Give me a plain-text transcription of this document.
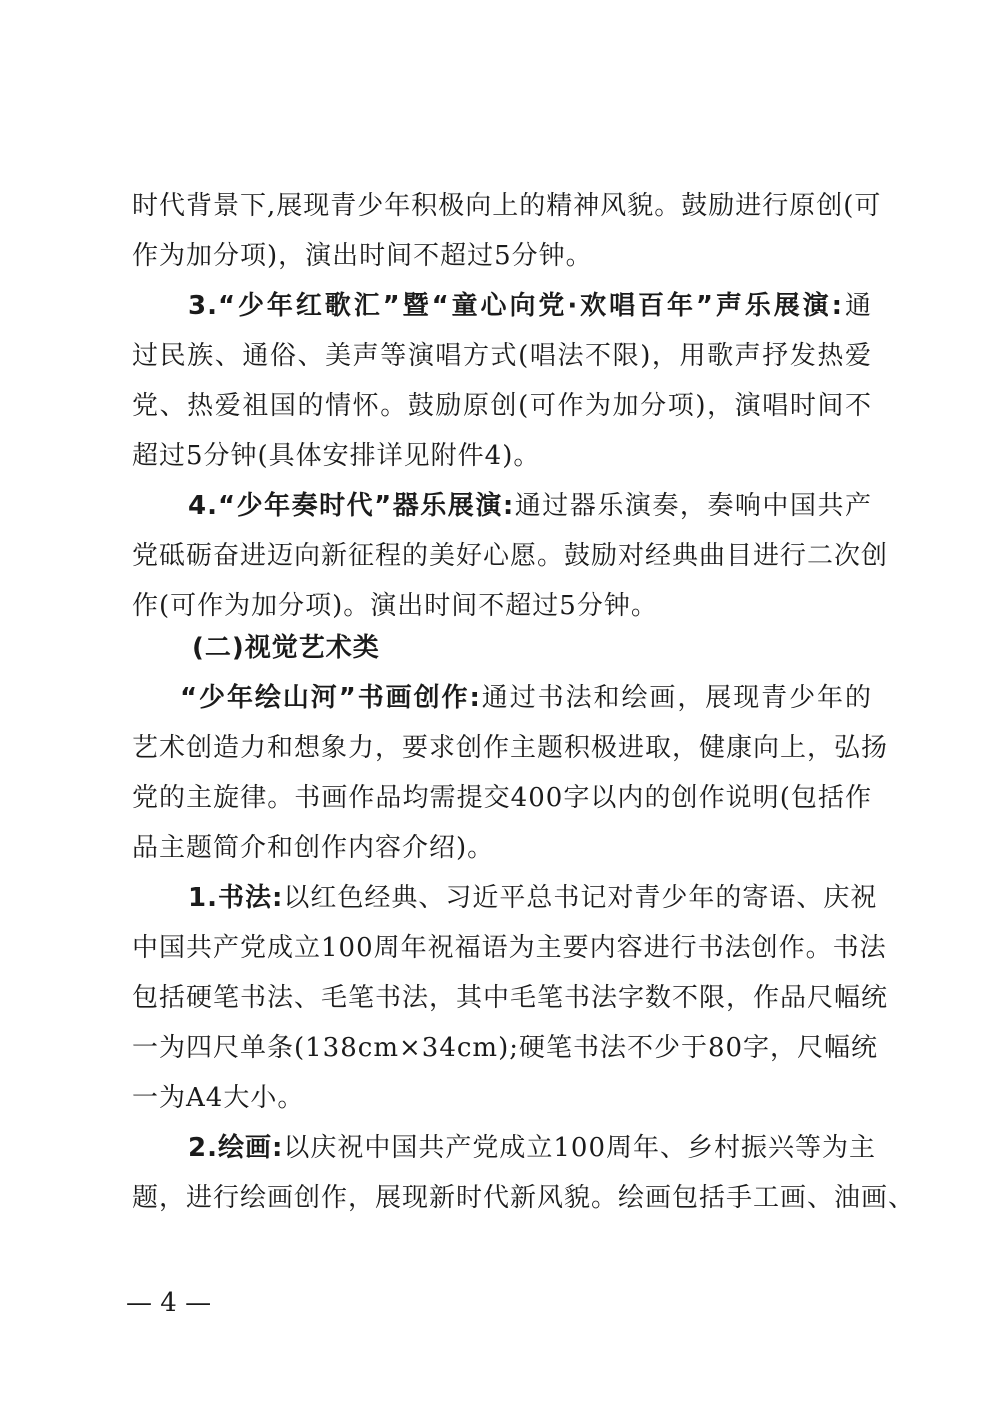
时代背景下,展现青少年积极向上的精神风貌。鼓励进行原创(可
作为加分项)，演出时间不超过5分钟。
3.“少年红歌汇”暨“童心向党·欢唱百年”声乐展演:通
过民族、通俗、美声等演唱方式(唱法不限)，用歌声抒发热爱
党、热爱祖国的情怀。鼓励原创(可作为加分项)，演唱时间不
超过5分钟(具体安排详见附件4)。
4.“少年奏时代”器乐展演:通过器乐演奏，奏响中国共产
党砥砺奋进迈向新征程的美好心愿。鼓励对经典曲目进行二次创
作(可作为加分项)。演出时间不超过5分钟。
(二)视觉艺术类
“少年绘山河”书画创作:通过书法和绘画，展现青少年的
艺术创造力和想象力，要求创作主题积极进取，健康向上，弘扬
党的主旋律。书画作品均需提交400字以内的创作说明(包括作
品主题简介和创作内容介绍)。
1.书法:以红色经典、习近平总书记对青少年的寄语、庆祝
中国共产党成立100周年祝福语为主要内容进行书法创作。书法
包括硬笔书法、毛笔书法，其中毛笔书法字数不限，作品尺幅统
一为四尺单条(138cm×34cm);硬笔书法不少于80字，尺幅统
一为A4大小。
2.绘画:以庆祝中国共产党成立100周年、乡村振兴等为主
题，进行绘画创作，展现新时代新风貌。绘画包括手工画、油画、
— 4 —
